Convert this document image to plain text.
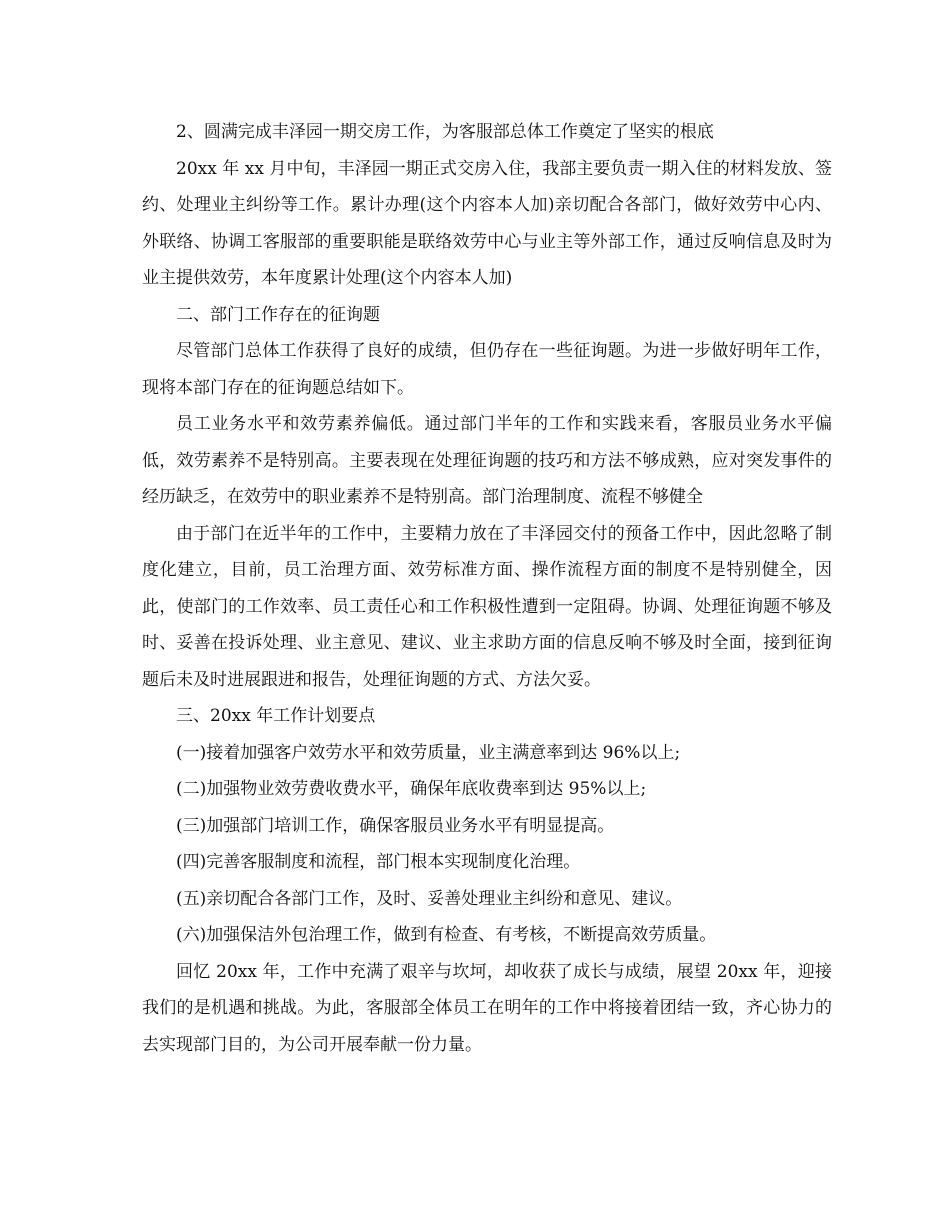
2、圆满完成丰泽园一期交房工作，为客服部总体工作奠定了坚实的根底

20xx 年 xx 月中旬，丰泽园一期正式交房入住，我部主要负责一期入住的材料发放、签约、处理业主纠纷等工作。累计办理(这个内容本人加)亲切配合各部门，做好效劳中心内、外联络、协调工客服部的重要职能是联络效劳中心与业主等外部工作，通过反响信息及时为业主提供效劳，本年度累计处理(这个内容本人加)

二、部门工作存在的征询题

尽管部门总体工作获得了良好的成绩，但仍存在一些征询题。为进一步做好明年工作，现将本部门存在的征询题总结如下。

员工业务水平和效劳素养偏低。通过部门半年的工作和实践来看，客服员业务水平偏低，效劳素养不是特别高。主要表现在处理征询题的技巧和方法不够成熟，应对突发事件的经历缺乏，在效劳中的职业素养不是特别高。部门治理制度、流程不够健全

由于部门在近半年的工作中，主要精力放在了丰泽园交付的预备工作中，因此忽略了制度化建立，目前，员工治理方面、效劳标准方面、操作流程方面的制度不是特别健全，因此，使部门的工作效率、员工责任心和工作积极性遭到一定阻碍。协调、处理征询题不够及时、妥善在投诉处理、业主意见、建议、业主求助方面的信息反响不够及时全面，接到征询题后未及时进展跟进和报告，处理征询题的方式、方法欠妥。

三、20xx 年工作计划要点

(一)接着加强客户效劳水平和效劳质量，业主满意率到达 96%以上;

(二)加强物业效劳费收费水平，确保年底收费率到达 95%以上;

(三)加强部门培训工作，确保客服员业务水平有明显提高。

(四)完善客服制度和流程，部门根本实现制度化治理。

(五)亲切配合各部门工作，及时、妥善处理业主纠纷和意见、建议。

(六)加强保洁外包治理工作，做到有检查、有考核，不断提高效劳质量。

回忆 20xx 年，工作中充满了艰辛与坎坷，却收获了成长与成绩，展望 20xx 年，迎接我们的是机遇和挑战。为此，客服部全体员工在明年的工作中将接着团结一致，齐心协力的去实现部门目的，为公司开展奉献一份力量。
